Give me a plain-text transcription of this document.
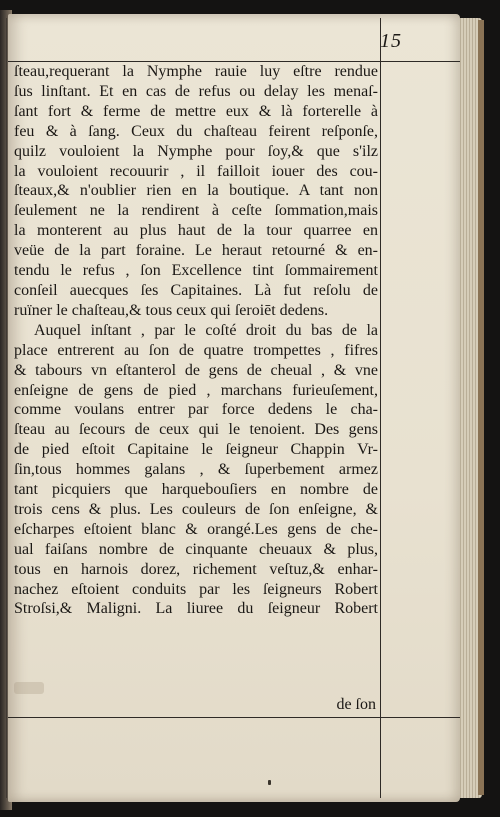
15
ſteau,requerant la Nymphe rauie luy eſtre rendue
ſus linſtant. Et en cas de refus ou delay les menaſ-
ſant fort & ferme de mettre eux & là forterelle à
feu & à ſang. Ceux du chaſteau feirent reſponſe,
quilz vouloient la Nymphe pour ſoy,& que s'ilz
la vouloient recouurir , il failloit iouer des cou-
ſteaux,& n'oublier rien en la boutique. A tant non
ſeulement ne la rendirent à ceſte ſommation,mais
la monterent au plus haut de la tour quarree en
veüe de la part foraine. Le heraut retourné & en-
tendu le refus , ſon Excellence tint ſommairement
conſeil auecques ſes Capitaines. Là fut reſolu de
ruïner le chaſteau,& tous ceux qui ſeroiēt dedens.
Auquel inſtant , par le coſté droit du bas de la
place entrerent au ſon de quatre trompettes , fifres
& tabours vn eſtanterol de gens de cheual , & vne
enſeigne de gens de pied , marchans furieuſement,
comme voulans entrer par force dedens le cha-
ſteau au ſecours de ceux qui le tenoient. Des gens
de pied eſtoit Capitaine le ſeigneur Chappin Vr-
ſin,tous hommes galans , & ſuperbement armez
tant picquiers que harquebouſiers en nombre de
trois cens & plus. Les couleurs de ſon enſeigne, &
eſcharpes eſtoient blanc & orangé.Les gens de che-
ual faiſans nombre de cinquante cheuaux & plus,
tous en harnois dorez, richement veſtuz,& enhar-
nachez eſtoient conduits par les ſeigneurs Robert
Stroſsi,& Maligni. La liuree du ſeigneur Robert
de ſon
